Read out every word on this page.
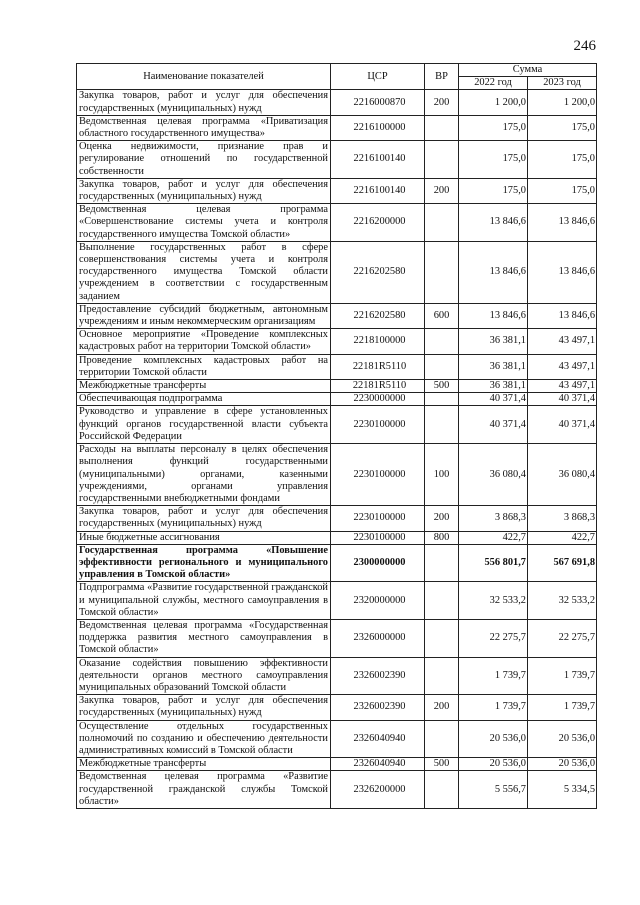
246
Наименование показателей	ЦСР	ВР	Сумма	
			2022 год	2023 год
Закупка товаров, работ и услуг для обеспечения государственных (муниципальных) нужд	2216000870	200	1 200,0	1 200,0
Ведомственная целевая программа «Приватизация областного государственного имущества»	2216100000		175,0	175,0
Оценка недвижимости, признание прав и регулирование отношений по государственной собственности	2216100140		175,0	175,0
Закупка товаров, работ и услуг для обеспечения государственных (муниципальных) нужд	2216100140	200	175,0	175,0
Ведомственная целевая программа «Совершенствование системы учета и контроля государственного имущества Томской области»	2216200000		13 846,6	13 846,6
Выполнение государственных работ в сфере совершенствования системы учета и контроля государственного имущества Томской области учреждением в соответствии с государственным заданием	2216202580		13 846,6	13 846,6
Предоставление субсидий бюджетным, автономным учреждениям и иным некоммерческим организациям	2216202580	600	13 846,6	13 846,6
Основное мероприятие «Проведение комплексных кадастровых работ на территории Томской области»	2218100000		36 381,1	43 497,1
Проведение комплексных кадастровых работ на территории Томской области	22181R5110		36 381,1	43 497,1
Межбюджетные трансферты	22181R5110	500	36 381,1	43 497,1
Обеспечивающая подпрограмма	2230000000		40 371,4	40 371,4
Руководство и управление в сфере установленных функций органов государственной власти субъекта Российской Федерации	2230100000		40 371,4	40 371,4
Расходы на выплаты персоналу в целях обеспечения выполнения функций государственными (муниципальными) органами, казенными учреждениями, органами управления государственными внебюджетными фондами	2230100000	100	36 080,4	36 080,4
Закупка товаров, работ и услуг для обеспечения государственных (муниципальных) нужд	2230100000	200	3 868,3	3 868,3
Иные бюджетные ассигнования	2230100000	800	422,7	422,7
Государственная программа «Повышение эффективности регионального и муниципального управления в Томской области»	2300000000		556 801,7	567 691,8
Подпрограмма «Развитие государственной гражданской и муниципальной службы, местного самоуправления в Томской области»	2320000000		32 533,2	32 533,2
Ведомственная целевая программа «Государственная поддержка развития местного самоуправления в Томской области»	2326000000		22 275,7	22 275,7
Оказание содействия повышению эффективности деятельности органов местного самоуправления муниципальных образований Томской области	2326002390		1 739,7	1 739,7
Закупка товаров, работ и услуг для обеспечения государственных (муниципальных) нужд	2326002390	200	1 739,7	1 739,7
Осуществление отдельных государственных полномочий по созданию и обеспечению деятельности административных комиссий в Томской области	2326040940		20 536,0	20 536,0
Межбюджетные трансферты	2326040940	500	20 536,0	20 536,0
Ведомственная целевая программа «Развитие государственной гражданской службы Томской области»	2326200000		5 556,7	5 334,5
